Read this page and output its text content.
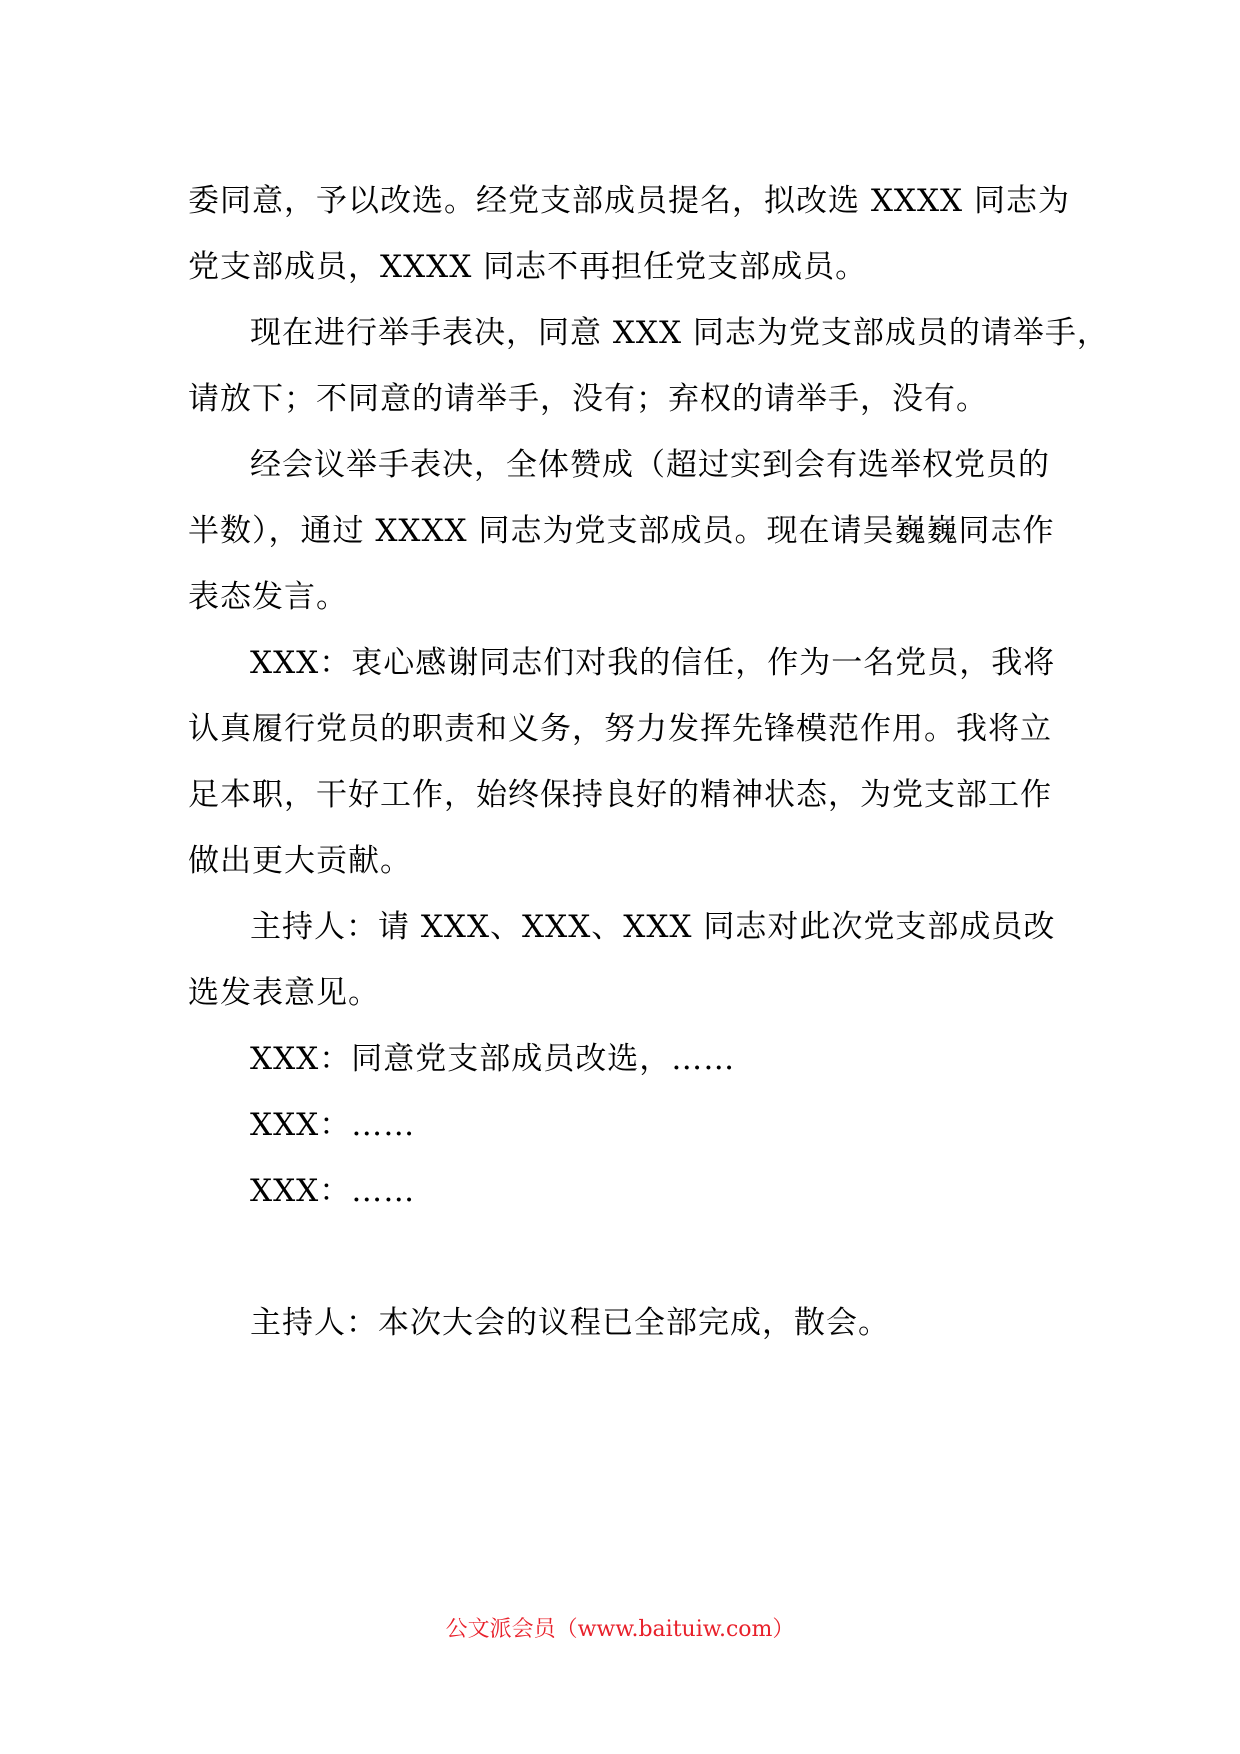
委同意，予以改选。经党支部成员提名，拟改选 XXXX 同志为
党支部成员，XXXX 同志不再担任党支部成员。
现在进行举手表决，同意 XXX 同志为党支部成员的请举手，
请放下；不同意的请举手，没有；弃权的请举手，没有。
经会议举手表决，全体赞成（超过实到会有选举权党员的
半数），通过 XXXX 同志为党支部成员。现在请吴巍巍同志作
表态发言。
XXX：衷心感谢同志们对我的信任，作为一名党员，我将
认真履行党员的职责和义务，努力发挥先锋模范作用。我将立
足本职，干好工作，始终保持良好的精神状态，为党支部工作
做出更大贡献。
主持人：请 XXX、XXX、XXX 同志对此次党支部成员改
选发表意见。
XXX：同意党支部成员改选，……
XXX：……
XXX：……
主持人：本次大会的议程已全部完成，散会。
公文派会员（www.baituiw.com）
